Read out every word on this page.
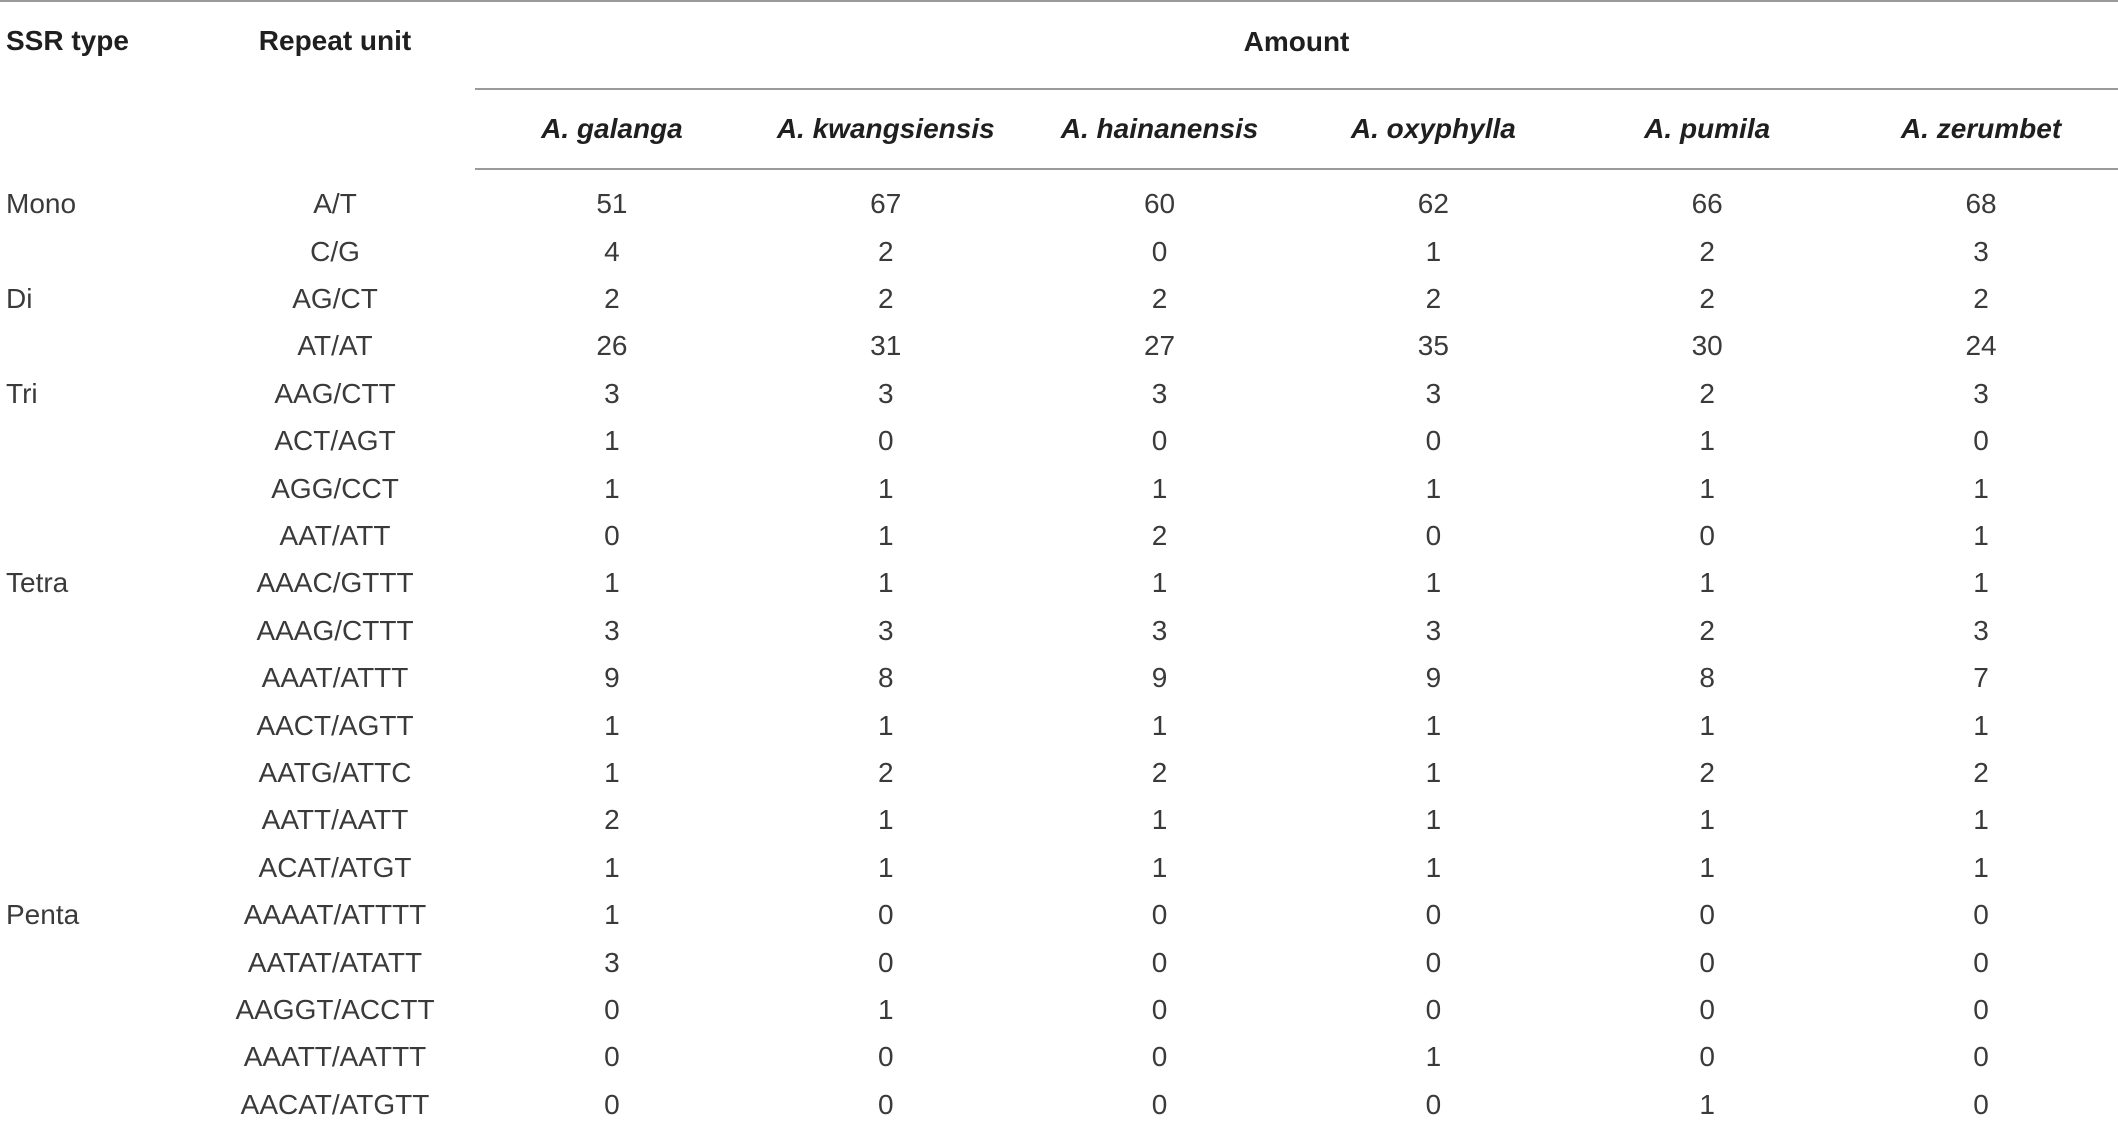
SSR type	Repeat unit	Amount					
		A. galanga	A. kwangsiensis	A. hainanensis	A. oxyphylla	A. pumila	A. zerumbet
Mono	A/T	51	67	60	62	66	68
	C/G	4	2	0	1	2	3
Di	AG/CT	2	2	2	2	2	2
	AT/AT	26	31	27	35	30	24
Tri	AAG/CTT	3	3	3	3	2	3
	ACT/AGT	1	0	0	0	1	0
	AGG/CCT	1	1	1	1	1	1
	AAT/ATT	0	1	2	0	0	1
Tetra	AAAC/GTTT	1	1	1	1	1	1
	AAAG/CTTT	3	3	3	3	2	3
	AAAT/ATTT	9	8	9	9	8	7
	AACT/AGTT	1	1	1	1	1	1
	AATG/ATTC	1	2	2	1	2	2
	AATT/AATT	2	1	1	1	1	1
	ACAT/ATGT	1	1	1	1	1	1
Penta	AAAAT/ATTTT	1	0	0	0	0	0
	AATAT/ATATT	3	0	0	0	0	0
	AAGGT/ACCTT	0	1	0	0	0	0
	AAATT/AATTT	0	0	0	1	0	0
	AACAT/ATGTT	0	0	0	0	1	0
